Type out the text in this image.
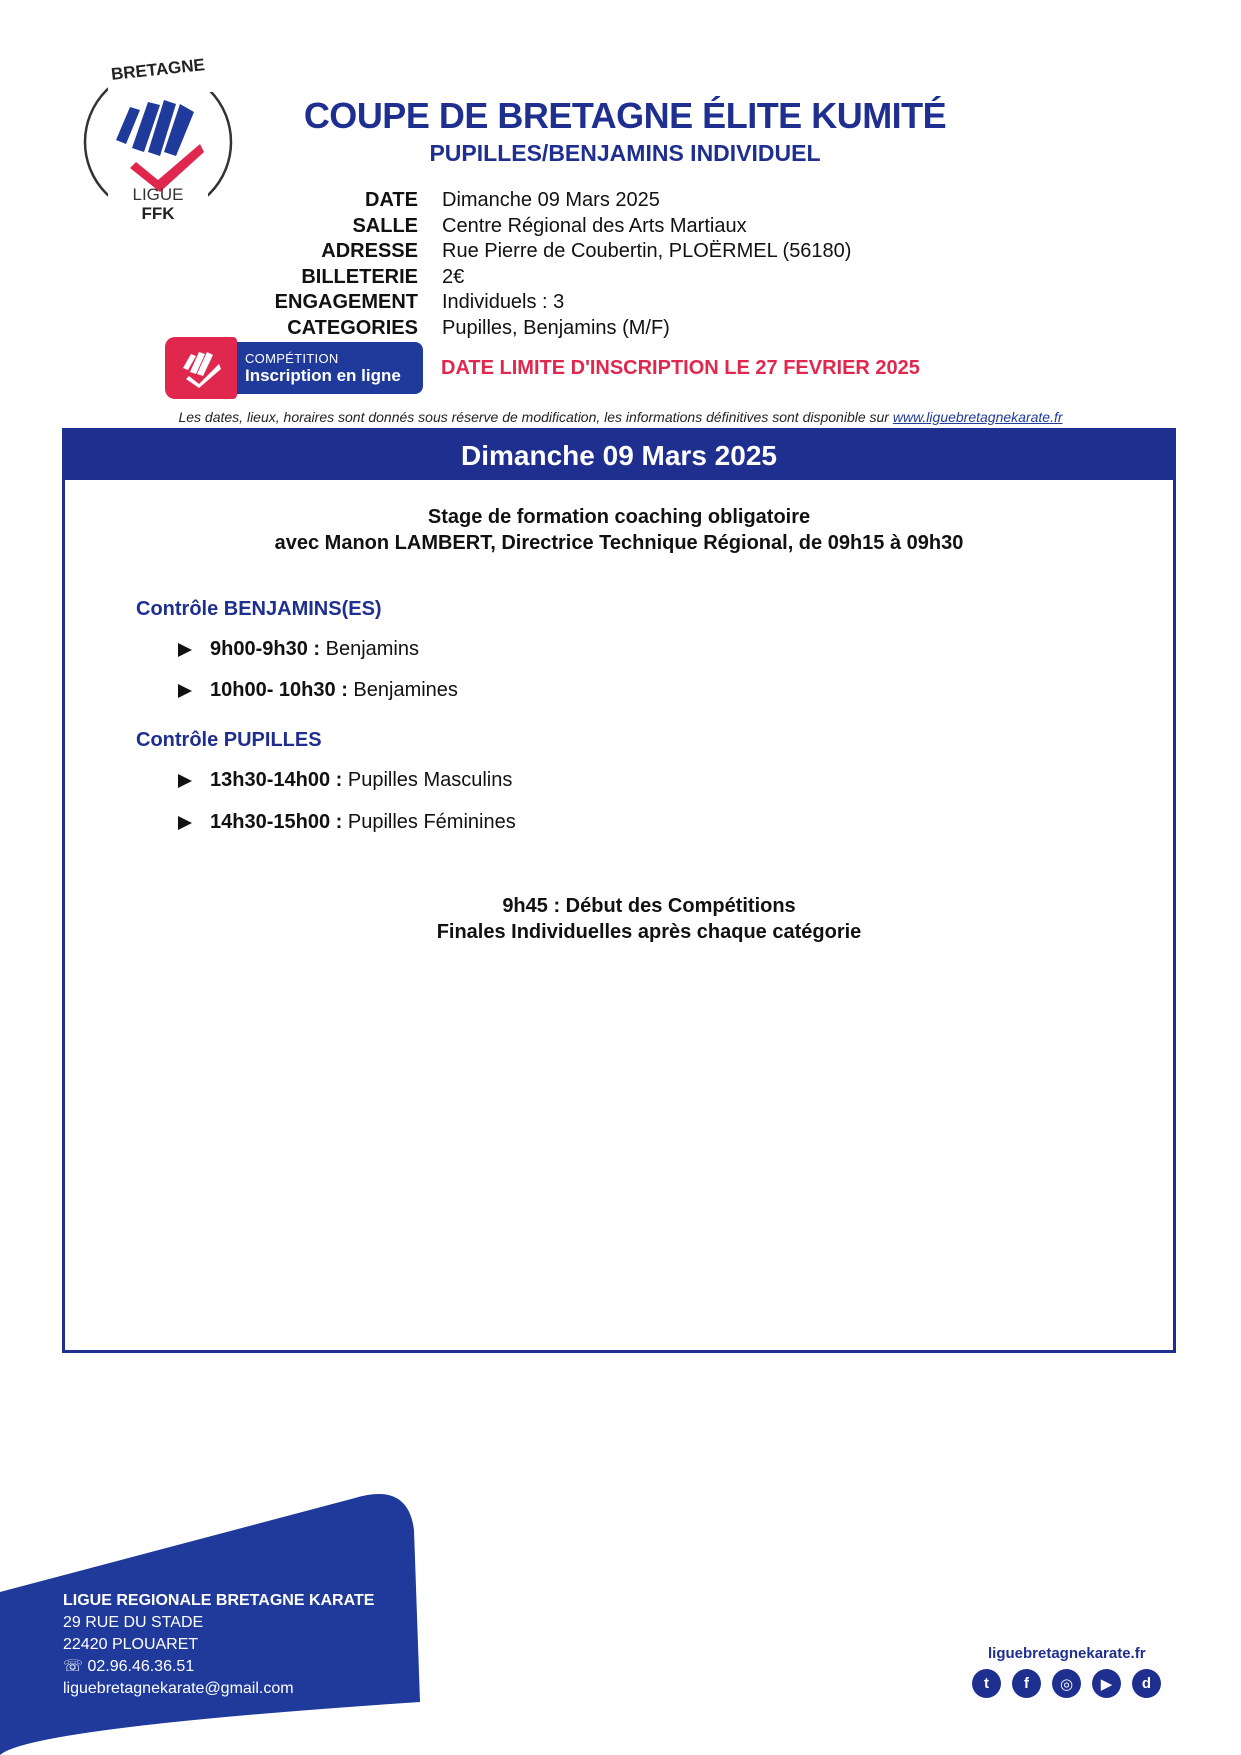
BRETAGNE
LIGUE
FFK
COUPE DE BRETAGNE ÉLITE KUMITÉ
PUPILLES/BENJAMINS INDIVIDUEL
DATE	Dimanche 09 Mars 2025
SALLE	Centre Régional des Arts Martiaux
ADRESSE	Rue Pierre de Coubertin, PLOËRMEL (56180)
BILLETERIE	2€
ENGAGEMENT	Individuels : 3
CATEGORIES	Pupilles, Benjamins (M/F)
COMPÉTITION
Inscription en ligne	DATE LIMITE D'INSCRIPTION LE 27 FEVRIER 2025
Les dates, lieux, horaires sont donnés sous réserve de modification, les informations définitives sont disponible sur www.liguebretagnekarate.fr
Dimanche 09 Mars 2025
Stage de formation coaching obligatoire
avec Manon LAMBERT, Directrice Technique Régional, de 09h15 à 09h30
Contrôle BENJAMINS(ES)
9h00-9h30 : Benjamins
10h00- 10h30 : Benjamines
Contrôle PUPILLES
13h30-14h00 : Pupilles Masculins
14h30-15h00 : Pupilles Féminines
9h45 : Début des Compétitions
Finales Individuelles après chaque catégorie
LIGUE REGIONALE BRETAGNE KARATE
29 RUE DU STADE
22420 PLOUARET
☏ 02.96.46.36.51
liguebretagnekarate@gmail.com
liguebretagnekarate.fr
t	f	◎	▶	d
